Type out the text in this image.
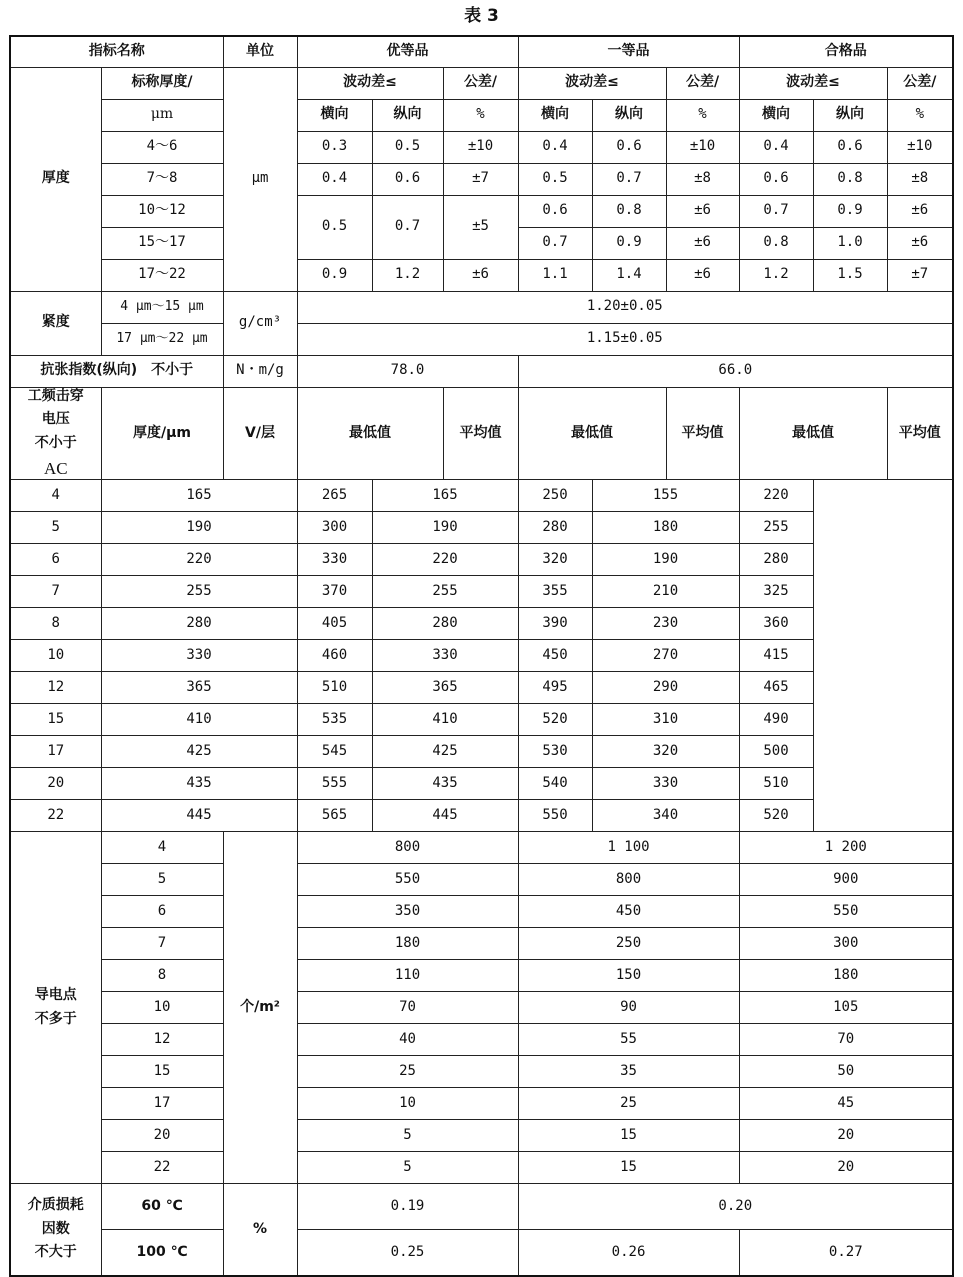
表 3
指标名称		单位	优等品			一等品			合格品		
厚度	标称厚度/	μm	波动差≤		公差/	波动差≤		公差/	波动差≤		公差/
	μm		横向	纵向	%	横向	纵向	%	横向	纵向	%
	4～6		0.3	0.5	±10	0.4	0.6	±10	0.4	0.6	±10
	7～8		0.4	0.6	±7	0.5	0.7	±8	0.6	0.8	±8
	10～12		0.5	0.7	±5	0.6	0.8	±6	0.7	0.9	±6
	15～17					0.7	0.9	±6	0.8	1.0	±6
	17～22		0.9	1.2	±6	1.1	1.4	±6	1.2	1.5	±7
紧度	4 μm～15 μm	g/cm³	1.20±0.05								
	17 μm～22 μm		1.15±0.05								
抗张指数(纵向)　不小于		N・m/g	78.0			66.0					

工频击穿
电压
不小于
AC	厚度/μm	V/层	最低值		平均值	最低值		平均值	最低值		平均值
4	165		265	165		250	155		220		
5	190		300	190		280	180		255		
6	220		330	220		320	190		280		
7	255		370	255		355	210		325		
8	280		405	280		390	230		360		
10	330		460	330		450	270		415		
12	365		510	365		495	290		465		
15	410		535	410		520	310		490		
17	425		545	425		530	320		500		
20	435		555	435		540	330		510		
22	445		565	445		550	340		520		

导电点
不多于	4	个/m²	800			1 100			1 200		
	5		550			800			900		
	6		350			450			550		
	7		180			250			300		
	8		110			150			180		
	10		70			90			105		
	12		40			55			70		
	15		25			35			50		
	17		10			25			45		
	20		5			15			20		
	22		5			15			20		

介质损耗
因数
不大于	60 ℃	%	0.19			0.20					
	100 ℃		0.25			0.26			0.27		
